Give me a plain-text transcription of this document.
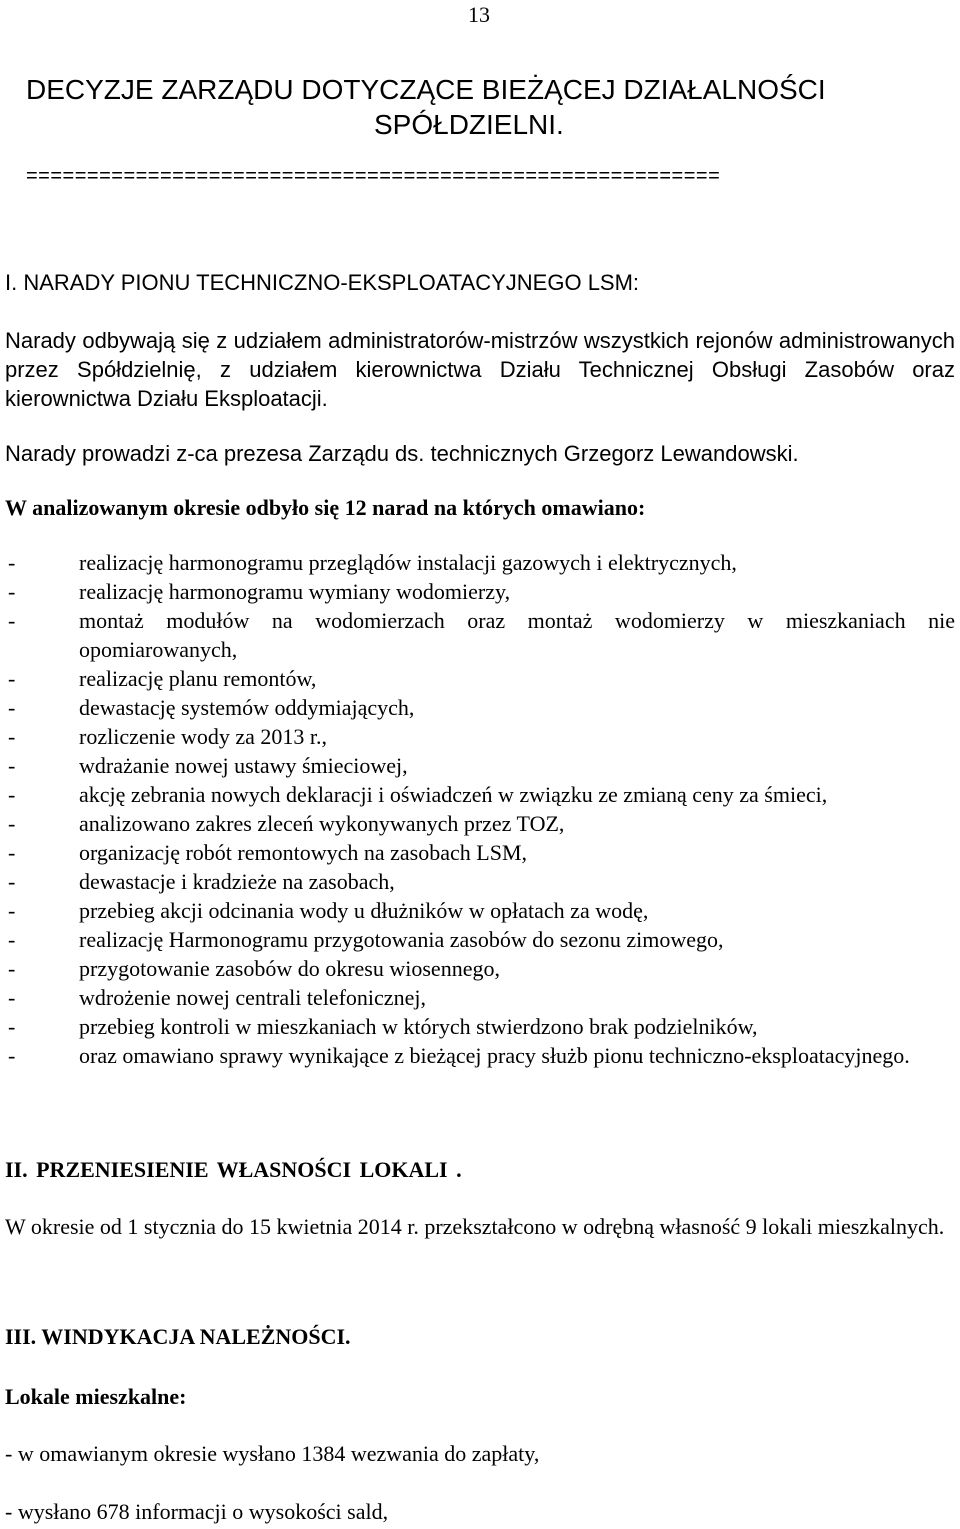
13
DECYZJE ZARZĄDU DOTYCZĄCE BIEŻĄCEJ DZIAŁALNOŚCI
SPÓŁDZIELNI.
=========================================================
I. NARADY PIONU TECHNICZNO-EKSPLOATACYJNEGO LSM:
Narady odbywają się z udziałem administratorów-mistrzów wszystkich rejonów administrowanych przez Spółdzielnię, z udziałem kierownictwa Działu Technicznej Obsługi Zasobów oraz kierownictwa Działu Eksploatacji.
Narady prowadzi z-ca prezesa Zarządu ds. technicznych Grzegorz Lewandowski.
W analizowanym okresie odbyło się 12 narad na których omawiano:
-	realizację harmonogramu przeglądów instalacji gazowych i elektrycznych,
-	realizację harmonogramu wymiany wodomierzy,
-	montaż modułów na wodomierzach oraz montaż wodomierzy w mieszkaniach nie opomiarowanych,
-	realizację planu remontów,
-	dewastację systemów oddymiających,
-	rozliczenie wody za 2013 r.,
-	wdrażanie nowej ustawy śmieciowej,
-	akcję zebrania nowych deklaracji i oświadczeń w związku ze zmianą ceny za śmieci,
-	analizowano zakres zleceń wykonywanych przez TOZ,
-	organizację robót remontowych na zasobach LSM,
-	dewastacje i kradzieże na zasobach,
-	przebieg akcji odcinania wody u dłużników w opłatach za wodę,
-	realizację Harmonogramu przygotowania zasobów do sezonu zimowego,
-	przygotowanie zasobów do okresu wiosennego,
-	wdrożenie nowej centrali telefonicznej,
-	przebieg kontroli w mieszkaniach w których stwierdzono brak podzielników,
-	oraz omawiano sprawy wynikające z bieżącej pracy służb pionu techniczno-eksploatacyjnego.
II. PRZENIESIENIE WŁASNOŚCI LOKALI .
W okresie od 1 stycznia do 15 kwietnia 2014 r. przekształcono w odrębną własność 9 lokali mieszkalnych.
III. WINDYKACJA NALEŻNOŚCI.
Lokale mieszkalne:
- w omawianym okresie wysłano 1384 wezwania do zapłaty,
- wysłano 678 informacji o wysokości sald,
